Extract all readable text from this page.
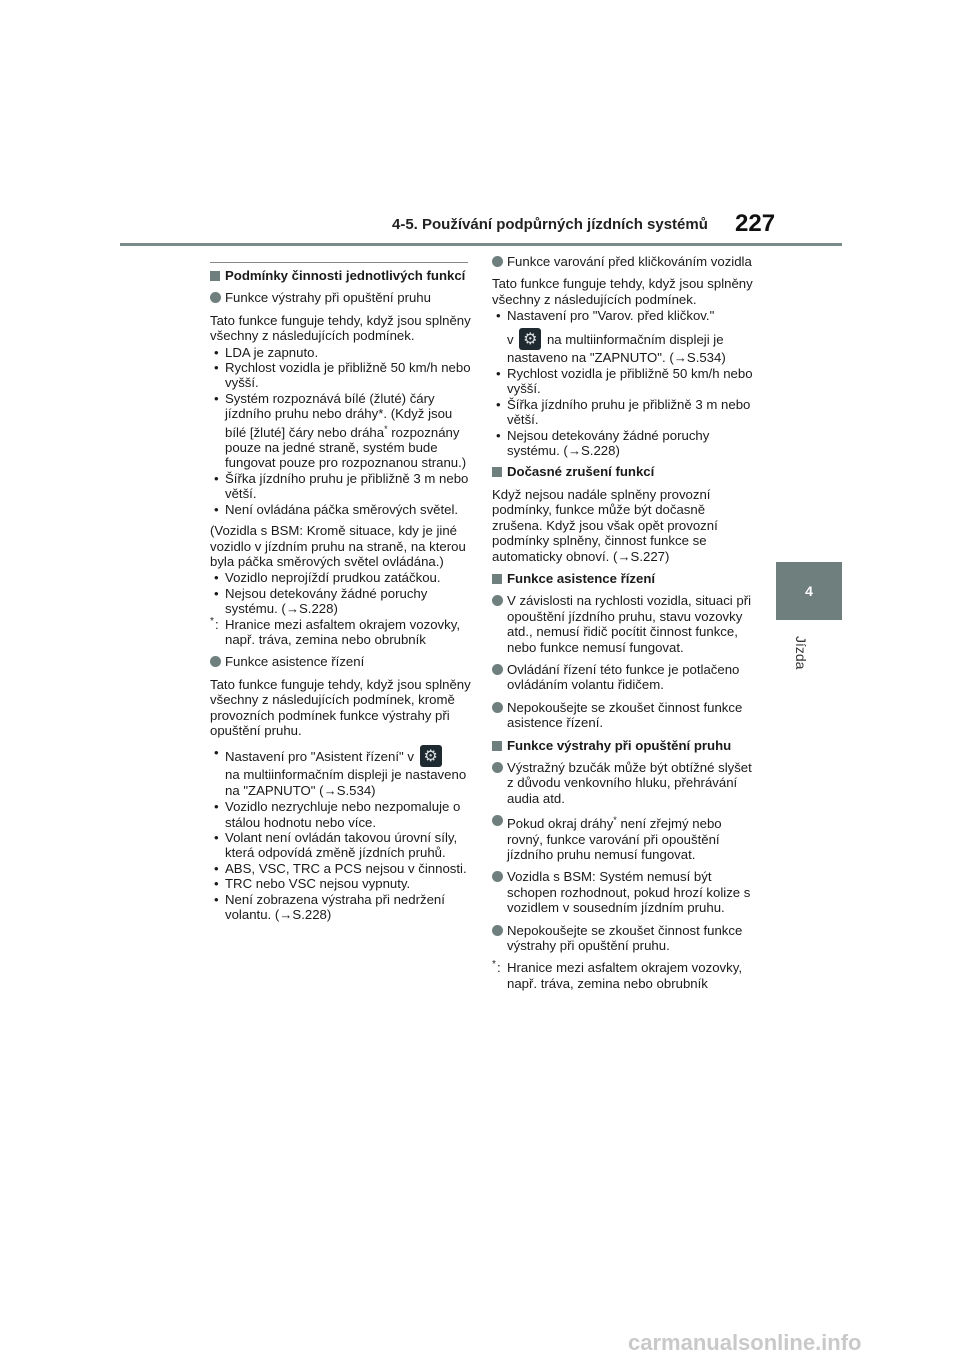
4-5. Používání podpůrných jízdních systémů 227
4
Jízda
Podmínky činnosti jednotlivých funkcí
Funkce výstrahy při opuštění pruhu
Tato funkce funguje tehdy, když jsou splněny všechny z následujících podmínek.
• LDA je zapnuto.
• Rychlost vozidla je přibližně 50 km/h nebo vyšší.
• Systém rozpoznává bílé (žluté) čáry jízdního pruhu nebo dráhy*. (Když jsou bílé [žluté] čáry nebo dráha* rozpoznány pouze na jedné straně, systém bude fungovat pouze pro rozpoznanou stranu.)
• Šířka jízdního pruhu je přibližně 3 m nebo větší.
• Není ovládána páčka směrových světel.
(Vozidla s BSM: Kromě situace, kdy je jiné vozidlo v jízdním pruhu na straně, na kterou byla páčka směrových světel ovládána.)
• Vozidlo neprojíždí prudkou zatáčkou.
• Nejsou detekovány žádné poruchy systému. (→S.228)
* : Hranice mezi asfaltem okrajem vozovky, např. tráva, zemina nebo obrubník
Funkce asistence řízení
Tato funkce funguje tehdy, když jsou splněny všechny z následujících podmínek, kromě provozních podmínek funkce výstrahy při opuštění pruhu.
• Nastavení pro "Asistent řízení" v ⚙
na multiinformačním displeji je nastaveno na "ZAPNUTO" (→S.534)
• Vozidlo nezrychluje nebo nezpomaluje o stálou hodnotu nebo více.
• Volant není ovládán takovou úrovní síly, která odpovídá změně jízdních pruhů.
• ABS, VSC, TRC a PCS nejsou v činnosti.
• TRC nebo VSC nejsou vypnuty.
• Není zobrazena výstraha při nedržení volantu. (→S.228)
Funkce varování před kličkováním vozidla
Tato funkce funguje tehdy, když jsou splněny všechny z následujících podmínek.
• Nastavení pro "Varov. před kličkov."
v ⚙	na multiinformačním displeji je nastaveno na "ZAPNUTO". (→S.534)
• Rychlost vozidla je přibližně 50 km/h nebo vyšší.
• Šířka jízdního pruhu je přibližně 3 m nebo větší.
• Nejsou detekovány žádné poruchy systému. (→S.228)
Dočasné zrušení funkcí
Když nejsou nadále splněny provozní podmínky, funkce může být dočasně zrušena. Když jsou však opět provozní podmínky splněny, činnost funkce se automaticky obnoví. (→S.227)
Funkce asistence řízení
V závislosti na rychlosti vozidla, situaci při opouštění jízdního pruhu, stavu vozovky atd., nemusí řidič pocítit činnost funkce, nebo funkce nemusí fungovat.
Ovládání řízení této funkce je potlačeno ovládáním volantu řidičem.
Nepokoušejte se zkoušet činnost funkce asistence řízení.
Funkce výstrahy při opuštění pruhu
Výstražný bzučák může být obtížné slyšet z důvodu venkovního hluku, přehrávání audia atd.
Pokud okraj dráhy* není zřejmý nebo rovný, funkce varování při opouštění jízdního pruhu nemusí fungovat.
Vozidla s BSM: Systém nemusí být schopen rozhodnout, pokud hrozí kolize s vozidlem v sousedním jízdním pruhu.
Nepokoušejte se zkoušet činnost funkce výstrahy při opuštění pruhu.
* : Hranice mezi asfaltem okrajem vozovky, např. tráva, zemina nebo obrubník
carmanualsonline.info
